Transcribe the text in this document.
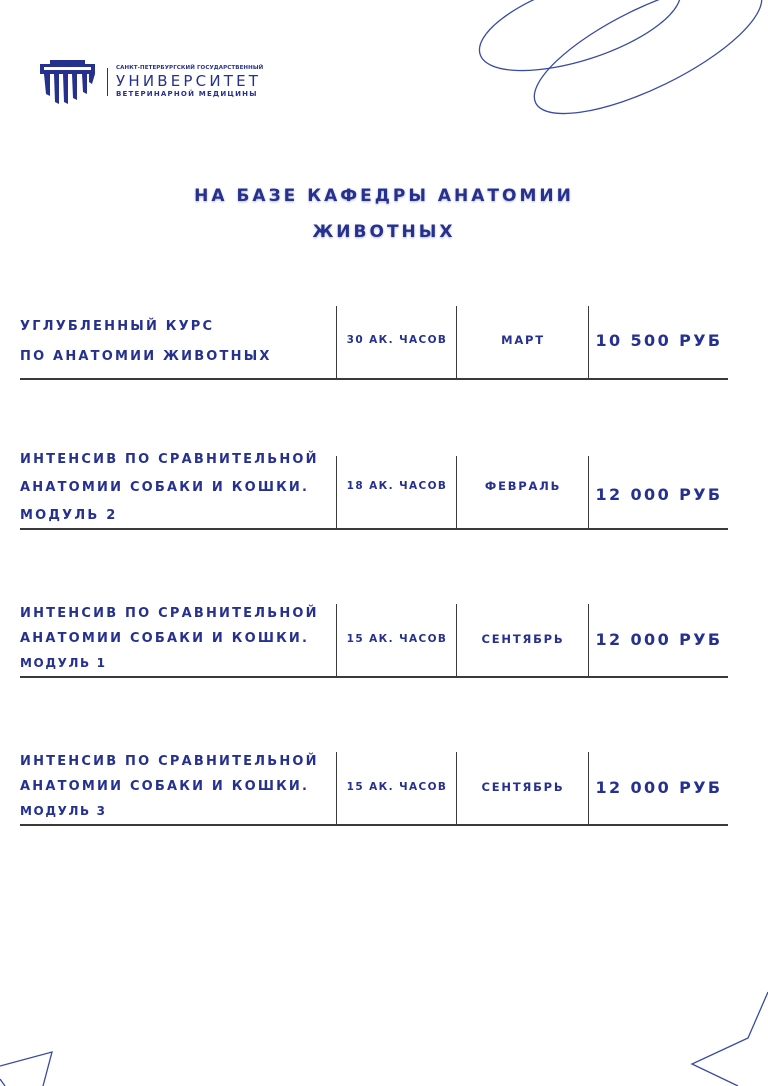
САНКТ-ПЕТЕРБУРГСКИЙ ГОСУДАРСТВЕННЫЙ
УНИВЕРСИТЕТ
ВЕТЕРИНАРНОЙ МЕДИЦИНЫ
НА БАЗЕ КАФЕДРЫ АНАТОМИИ
ЖИВОТНЫХ
УГЛУБЛЕННЫЙ КУРС
ПО АНАТОМИИ ЖИВОТНЫХ
30 АК. ЧАСОВ	МАРТ	10 500 РУБ
ИНТЕНСИВ ПО СРАВНИТЕЛЬНОЙ
АНАТОМИИ СОБАКИ И КОШКИ.
МОДУЛЬ 2
18 АК. ЧАСОВ	ФЕВРАЛЬ	12 000 РУБ
ИНТЕНСИВ ПО СРАВНИТЕЛЬНОЙ
АНАТОМИИ СОБАКИ И КОШКИ.
МОДУЛЬ 1
15 АК. ЧАСОВ	СЕНТЯБРЬ	12 000 РУБ
ИНТЕНСИВ ПО СРАВНИТЕЛЬНОЙ
АНАТОМИИ СОБАКИ И КОШКИ.
МОДУЛЬ 3
15 АК. ЧАСОВ	СЕНТЯБРЬ	12 000 РУБ
